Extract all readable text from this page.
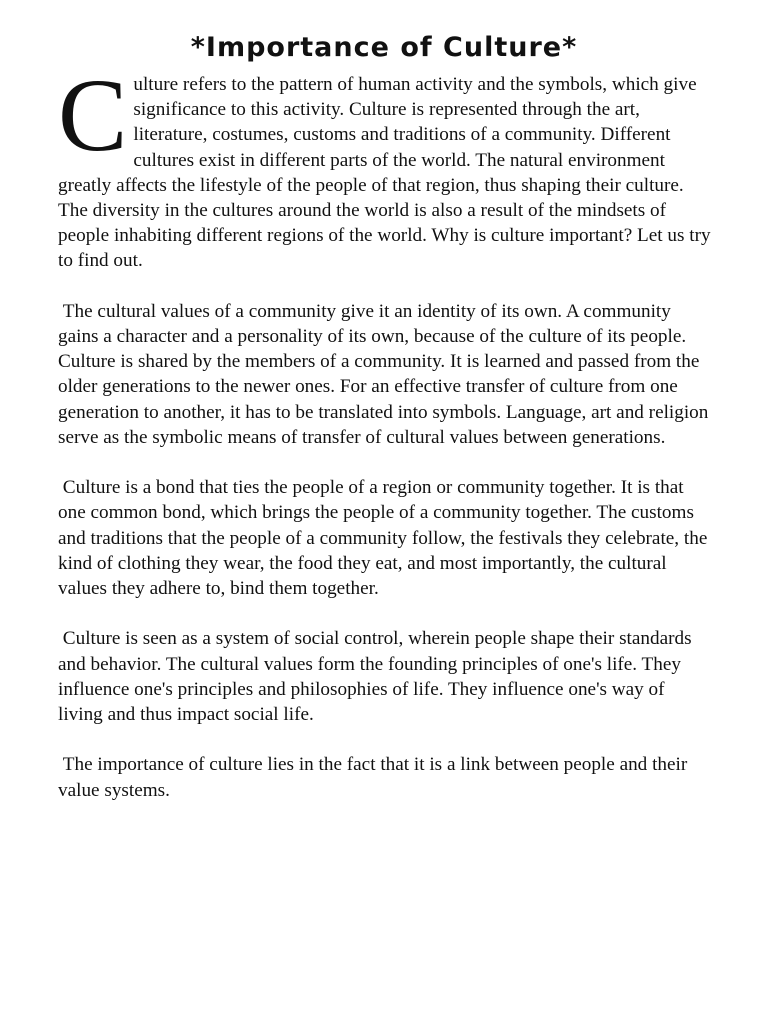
*Importance of Culture*

Culture refers to the pattern of human activity and the symbols, which give significance to this activity. Culture is represented through the art, literature, costumes, customs and traditions of a community. Different cultures exist in different parts of the world. The natural environment greatly affects the lifestyle of the people of that region, thus shaping their culture. The diversity in the cultures around the world is also a result of the mindsets of people inhabiting different regions of the world. Why is culture important? Let us try to find out.

The cultural values of a community give it an identity of its own. A community gains a character and a personality of its own, because of the culture of its people. Culture is shared by the members of a community. It is learned and passed from the older generations to the newer ones. For an effective transfer of culture from one generation to another, it has to be translated into symbols. Language, art and religion serve as the symbolic means of transfer of cultural values between generations.

Culture is a bond that ties the people of a region or community together. It is that one common bond, which brings the people of a community together. The customs and traditions that the people of a community follow, the festivals they celebrate, the kind of clothing they wear, the food they eat, and most importantly, the cultural values they adhere to, bind them together.

Culture is seen as a system of social control, wherein people shape their standards and behavior. The cultural values form the founding principles of one's life. They influence one's principles and philosophies of life. They influence one's way of living and thus impact social life.

The importance of culture lies in the fact that it is a link between people and their value systems.
